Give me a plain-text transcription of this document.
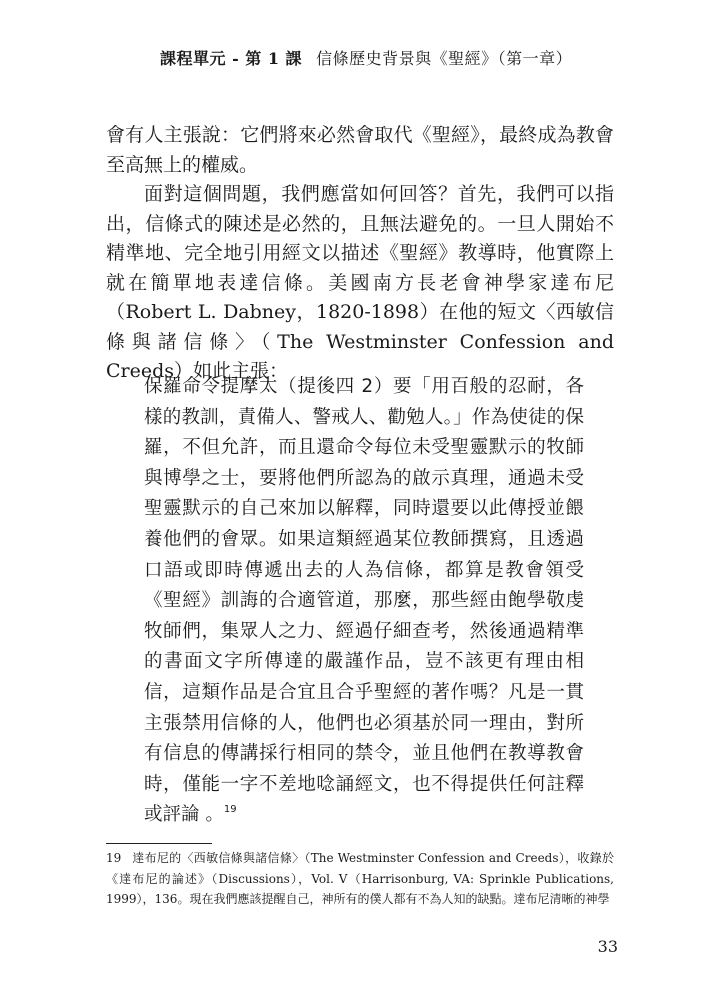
課程單元 - 第 1 課 信條歷史背景與《聖經》（第一章）

會有人主張說：它們將來必然會取代《聖經》，最終成為教會至高無上的權威。

面對這個問題，我們應當如何回答？首先，我們可以指出，信條式的陳述是必然的，且無法避免的。一旦人開始不精準地、完全地引用經文以描述《聖經》教導時，他實際上就在簡單地表達信條。美國南方長老會神學家達布尼（Robert L. Dabney，1820-1898）在他的短文〈西敏信條與諸信條〉（The Westminster Confession and Creeds）如此主張：

保羅命令提摩太（提後四 2）要「用百般的忍耐，各樣的教訓，責備人、警戒人、勸勉人。」作為使徒的保羅，不但允許，而且還命令每位未受聖靈默示的牧師與博學之士，要將他們所認為的啟示真理，通過未受聖靈默示的自己來加以解釋，同時還要以此傳授並餵養他們的會眾。如果這類經過某位教師撰寫，且透過口語或即時傳遞出去的人為信條，都算是教會領受《聖經》訓誨的合適管道，那麼，那些經由飽學敬虔牧師們，集眾人之力、經過仔細查考，然後通過精準的書面文字所傳達的嚴謹作品，豈不該更有理由相信，這類作品是合宜且合乎聖經的著作嗎？凡是一貫主張禁用信條的人，他們也必須基於同一理由，對所有信息的傳講採行相同的禁令，並且他們在教導教會時，僅能一字不差地唸誦經文，也不得提供任何註釋或評論 。$^{19}$
19 達布尼的〈西敏信條與諸信條〉（The Westminster Confession and Creeds），收錄於《達布尼的論述》（Discussions），Vol. V（Harrisonburg, VA: Sprinkle Publications, 1999），136。現在我們應該提醒自己，神所有的僕人都有不為人知的缺點。達布尼清晰的神學
33
